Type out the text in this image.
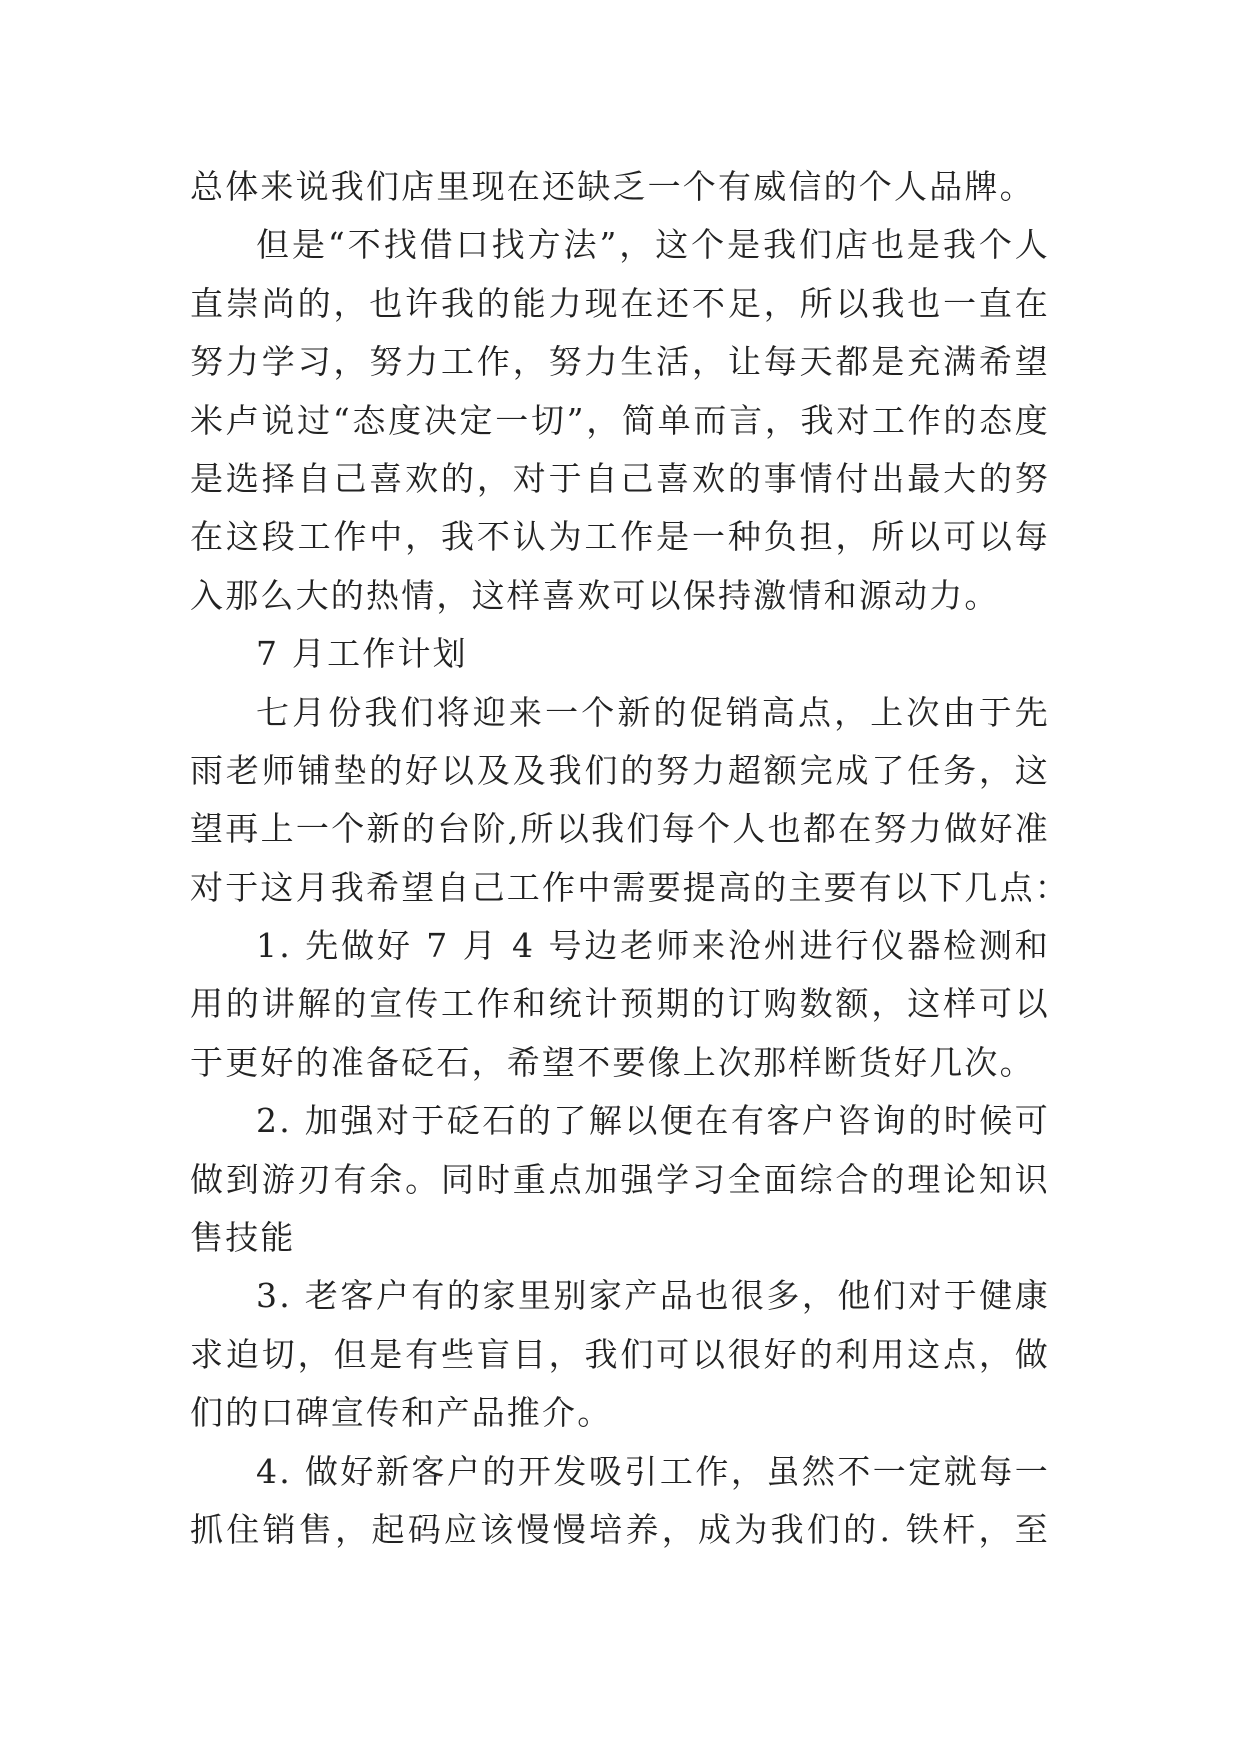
总体来说我们店里现在还缺乏一个有威信的个人品牌。
但是“不找借口找方法”，这个是我们店也是我个人
直崇尚的，也许我的能力现在还不足，所以我也一直在
努力学习，努力工作，努力生活，让每天都是充满希望
米卢说过“态度决定一切”，简单而言，我对工作的态度
是选择自己喜欢的，对于自己喜欢的事情付出最大的努
在这段工作中，我不认为工作是一种负担，所以可以每
入那么大的热情，这样喜欢可以保持激情和源动力。
7 月工作计划
七月份我们将迎来一个新的促销高点，上次由于先
雨老师铺垫的好以及及我们的努力超额完成了任务，这
望再上一个新的台阶,所以我们每个人也都在努力做好准
对于这月我希望自己工作中需要提高的主要有以下几点：
1. 先做好 7 月 4 号边老师来沧州进行仪器检测和
用的讲解的宣传工作和统计预期的订购数额，这样可以
于更好的准备砭石，希望不要像上次那样断货好几次。
2. 加强对于砭石的了解以便在有客户咨询的时候可
做到游刃有余。同时重点加强学习全面综合的理论知识
售技能
3. 老客户有的家里别家产品也很多，他们对于健康
求迫切，但是有些盲目，我们可以很好的利用这点，做
们的口碑宣传和产品推介。
4. 做好新客户的开发吸引工作，虽然不一定就每一
抓住销售，起码应该慢慢培养，成为我们的. 铁杆，至
